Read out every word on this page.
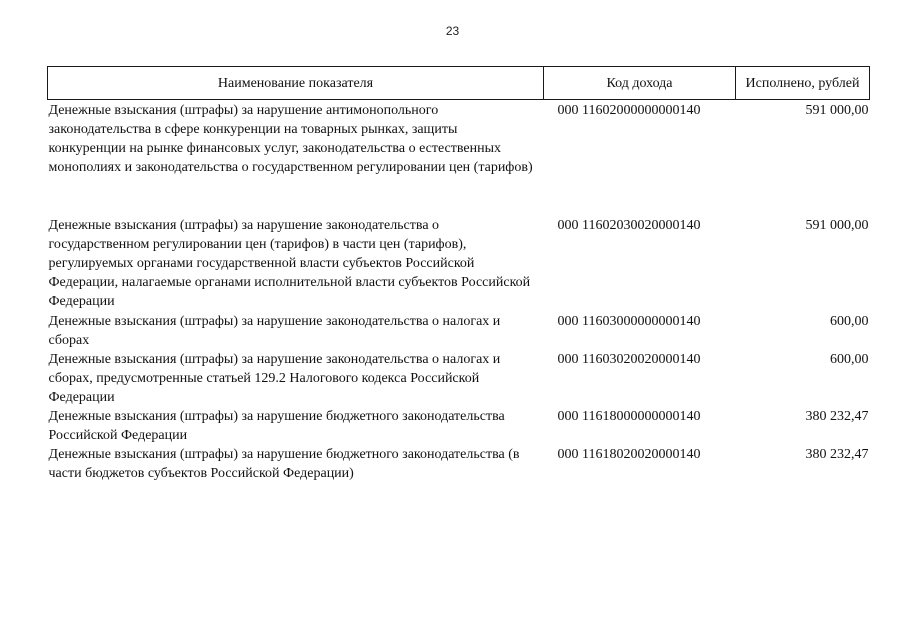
23
Наименование показателя	Код дохода	Исполнено, рублей
Денежные взыскания (штрафы) за нарушение антимонопольного законодательства в сфере конкуренции на товарных рынках, защиты конкуренции на рынке финансовых услуг, законодательства о естественных монополиях и законодательства о государственном регулировании цен (тарифов)	000 11602000000000140	591 000,00
Денежные взыскания (штрафы) за нарушение законодательства о государственном регулировании цен (тарифов) в части цен (тарифов), регулируемых органами государственной власти субъектов Российской Федерации, налагаемые органами исполнительной власти субъектов Российской Федерации	000 11602030020000140	591 000,00
Денежные взыскания (штрафы) за нарушение законодательства о налогах и сборах	000 11603000000000140	600,00
Денежные взыскания (штрафы) за нарушение законодательства о налогах и сборах, предусмотренные статьей 129.2 Налогового кодекса Российской Федерации	000 11603020020000140	600,00
Денежные взыскания (штрафы) за нарушение бюджетного законодательства Российской Федерации	000 11618000000000140	380 232,47
Денежные взыскания (штрафы) за нарушение бюджетного законодательства (в части бюджетов субъектов Российской Федерации)	000 11618020020000140	380 232,47
